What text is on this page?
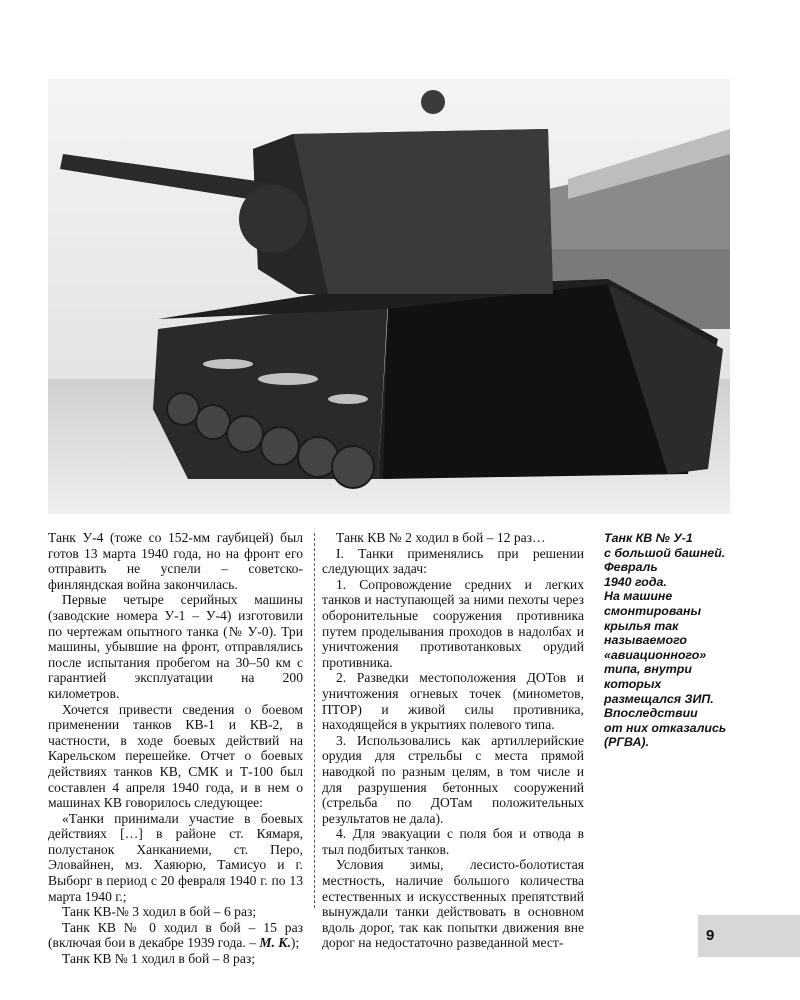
Танк У-4 (тоже со 152-мм гаубицей) был готов 13 марта 1940 года, но на фронт его отправить не успели – советско-финляндская война закончилась.

Первые четыре серийных машины (заводские номера У-1 – У-4) изготовили по чертежам опытного танка (№ У-0). Три машины, убывшие на фронт, отправлялись после испытания пробегом на 30–50 км с гарантией эксплуатации на 200 километров.

Хочется привести сведения о боевом применении танков КВ-1 и КВ-2, в частности, в ходе боевых действий на Карельском перешейке. Отчет о боевых действиях танков КВ, СМК и Т-100 был составлен 4 апреля 1940 года, и в нем о машинах КВ говорилось следующее:

«Танки принимали участие в боевых действиях […] в районе ст. Кямаря, полустанок Ханканиеми, ст. Перо, Эловайнен, мз. Хаяюрю, Тамисуо и г. Выборг в период с 20 февраля 1940 г. по 13 марта 1940 г.;

Танк КВ-№ 3 ходил в бой – 6 раз;

Танк КВ № 0 ходил в бой – 15 раз (включая бои в декабре 1939 года. – М. К.);

Танк КВ № 1 ходил в бой – 8 раз;

Танк КВ № 2 ходил в бой – 12 раз…

I. Танки применялись при решении следующих задач:

1. Сопровождение средних и легких танков и наступающей за ними пехоты через оборонительные сооружения противника путем проделывания проходов в надолбах и уничтожения противотанковых орудий противника.

2. Разведки местоположения ДОТов и уничтожения огневых точек (минометов, ПТОР) и живой силы противника, находящейся в укрытиях полевого типа.

3. Использовались как артиллерийские орудия для стрельбы с места прямой наводкой по разным целям, в том числе и для разрушения бетонных сооружений (стрельба по ДОТам положительных результатов не дала).

4. Для эвакуации с поля боя и отвода в тыл подбитых танков.

Условия зимы, лесисто-болотистая местность, наличие большого количества естественных и искусственных препятствий вынуждали танки действовать в основном вдоль дорог, так как попытки движения вне дорог на недостаточно разведанной мест-

Танк КВ № У-1
с большой башней.
Февраль
1940 года.
На машине
смонтированы
крылья так
называемого
«авиационного»
типа, внутри
которых
размещался ЗИП.
Впоследствии
от них отказались
(РГВА).
9
